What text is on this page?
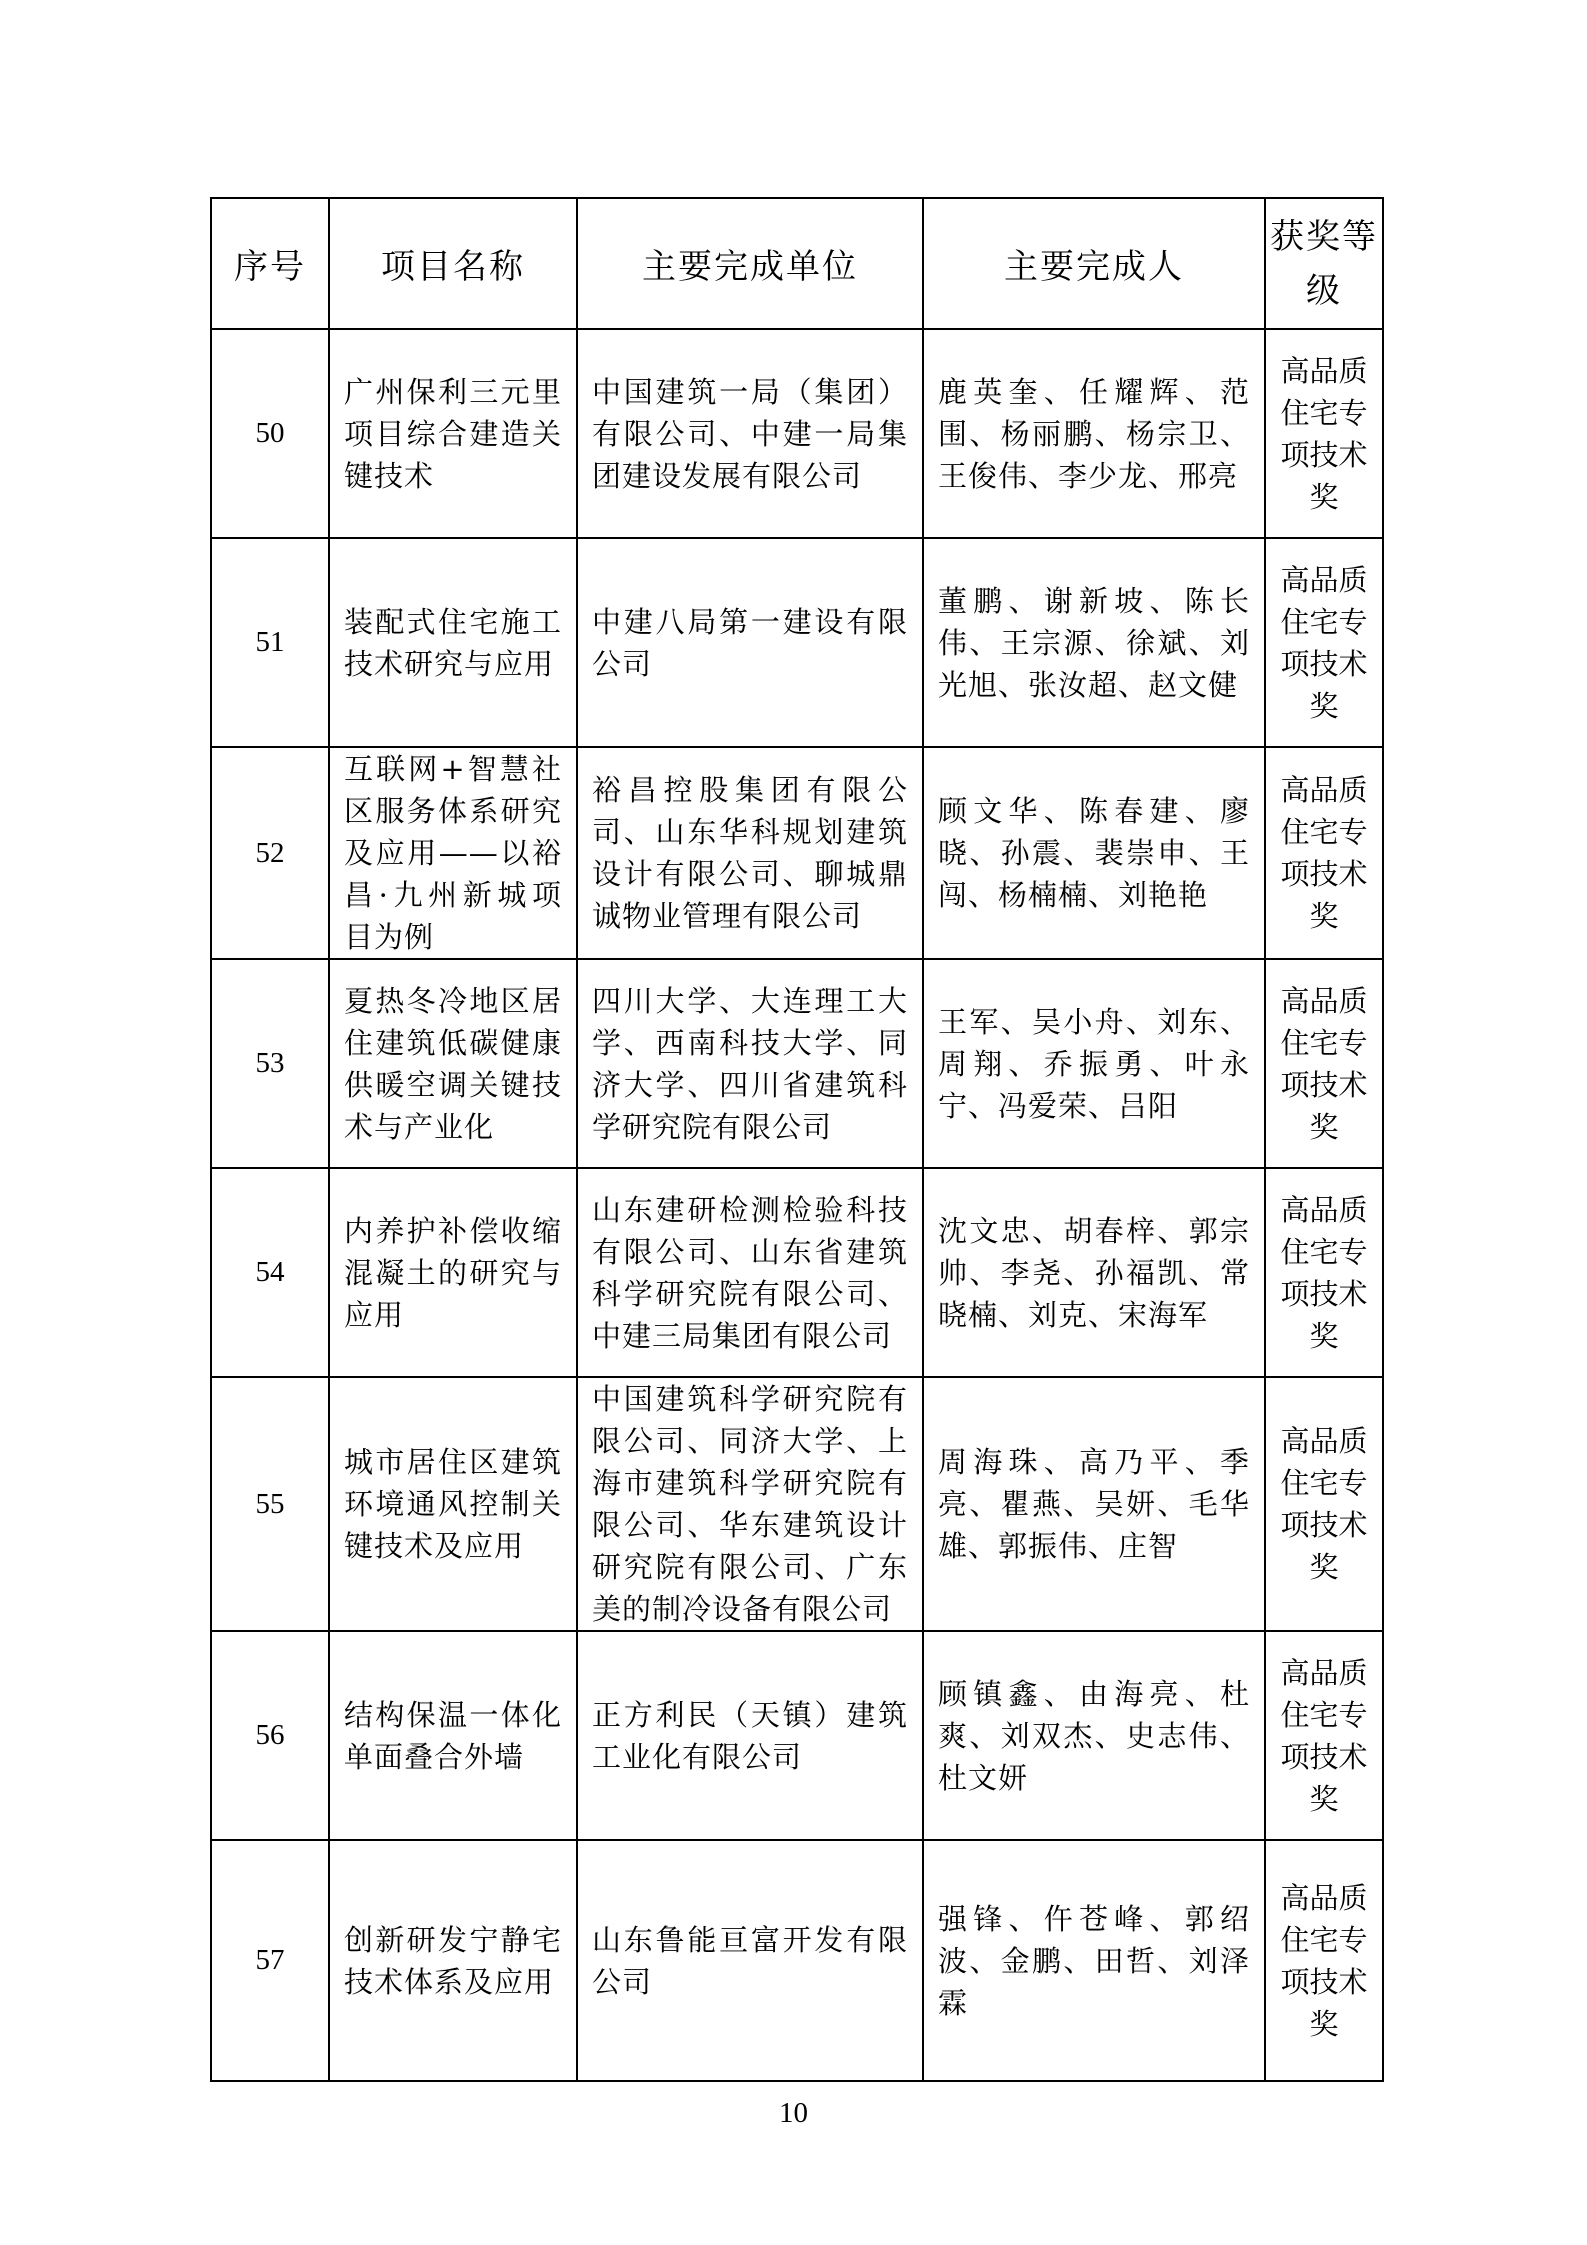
序号	项目名称	主要完成单位	主要完成人	获奖等级
50	广州保利三元里项目综合建造关键技术	中国建筑一局（集团）有限公司、中建一局集团建设发展有限公司	鹿英奎、任耀辉、范围、杨丽鹏、杨宗卫、王俊伟、李少龙、邢亮	高品质住宅专项技术奖
51	装配式住宅施工技术研究与应用	中建八局第一建设有限公司	董鹏、谢新坡、陈长伟、王宗源、徐斌、刘光旭、张汝超、赵文健	高品质住宅专项技术奖
52	互联网+智慧社区服务体系研究及应用——以裕昌·九州新城项目为例	裕昌控股集团有限公司、山东华科规划建筑设计有限公司、聊城鼎诚物业管理有限公司	顾文华、陈春建、廖晓、孙震、裴崇申、王闯、杨楠楠、刘艳艳	高品质住宅专项技术奖
53	夏热冬冷地区居住建筑低碳健康供暖空调关键技术与产业化	四川大学、大连理工大学、西南科技大学、同济大学、四川省建筑科学研究院有限公司	王军、吴小舟、刘东、周翔、乔振勇、叶永宁、冯爱荣、吕阳	高品质住宅专项技术奖
54	内养护补偿收缩混凝土的研究与应用	山东建研检测检验科技有限公司、山东省建筑科学研究院有限公司、中建三局集团有限公司	沈文忠、胡春梓、郭宗帅、李尧、孙福凯、常晓楠、刘克、宋海军	高品质住宅专项技术奖
55	城市居住区建筑环境通风控制关键技术及应用	中国建筑科学研究院有限公司、同济大学、上海市建筑科学研究院有限公司、华东建筑设计研究院有限公司、广东美的制冷设备有限公司	周海珠、高乃平、季亮、瞿燕、吴妍、毛华雄、郭振伟、庄智	高品质住宅专项技术奖
56	结构保温一体化单面叠合外墙	正方利民（天镇）建筑工业化有限公司	顾镇鑫、由海亮、杜爽、刘双杰、史志伟、杜文妍	高品质住宅专项技术奖
57	创新研发宁静宅技术体系及应用	山东鲁能亘富开发有限公司	强锋、仵苍峰、郭绍波、金鹏、田哲、刘泽霖	高品质住宅专项技术奖
10
